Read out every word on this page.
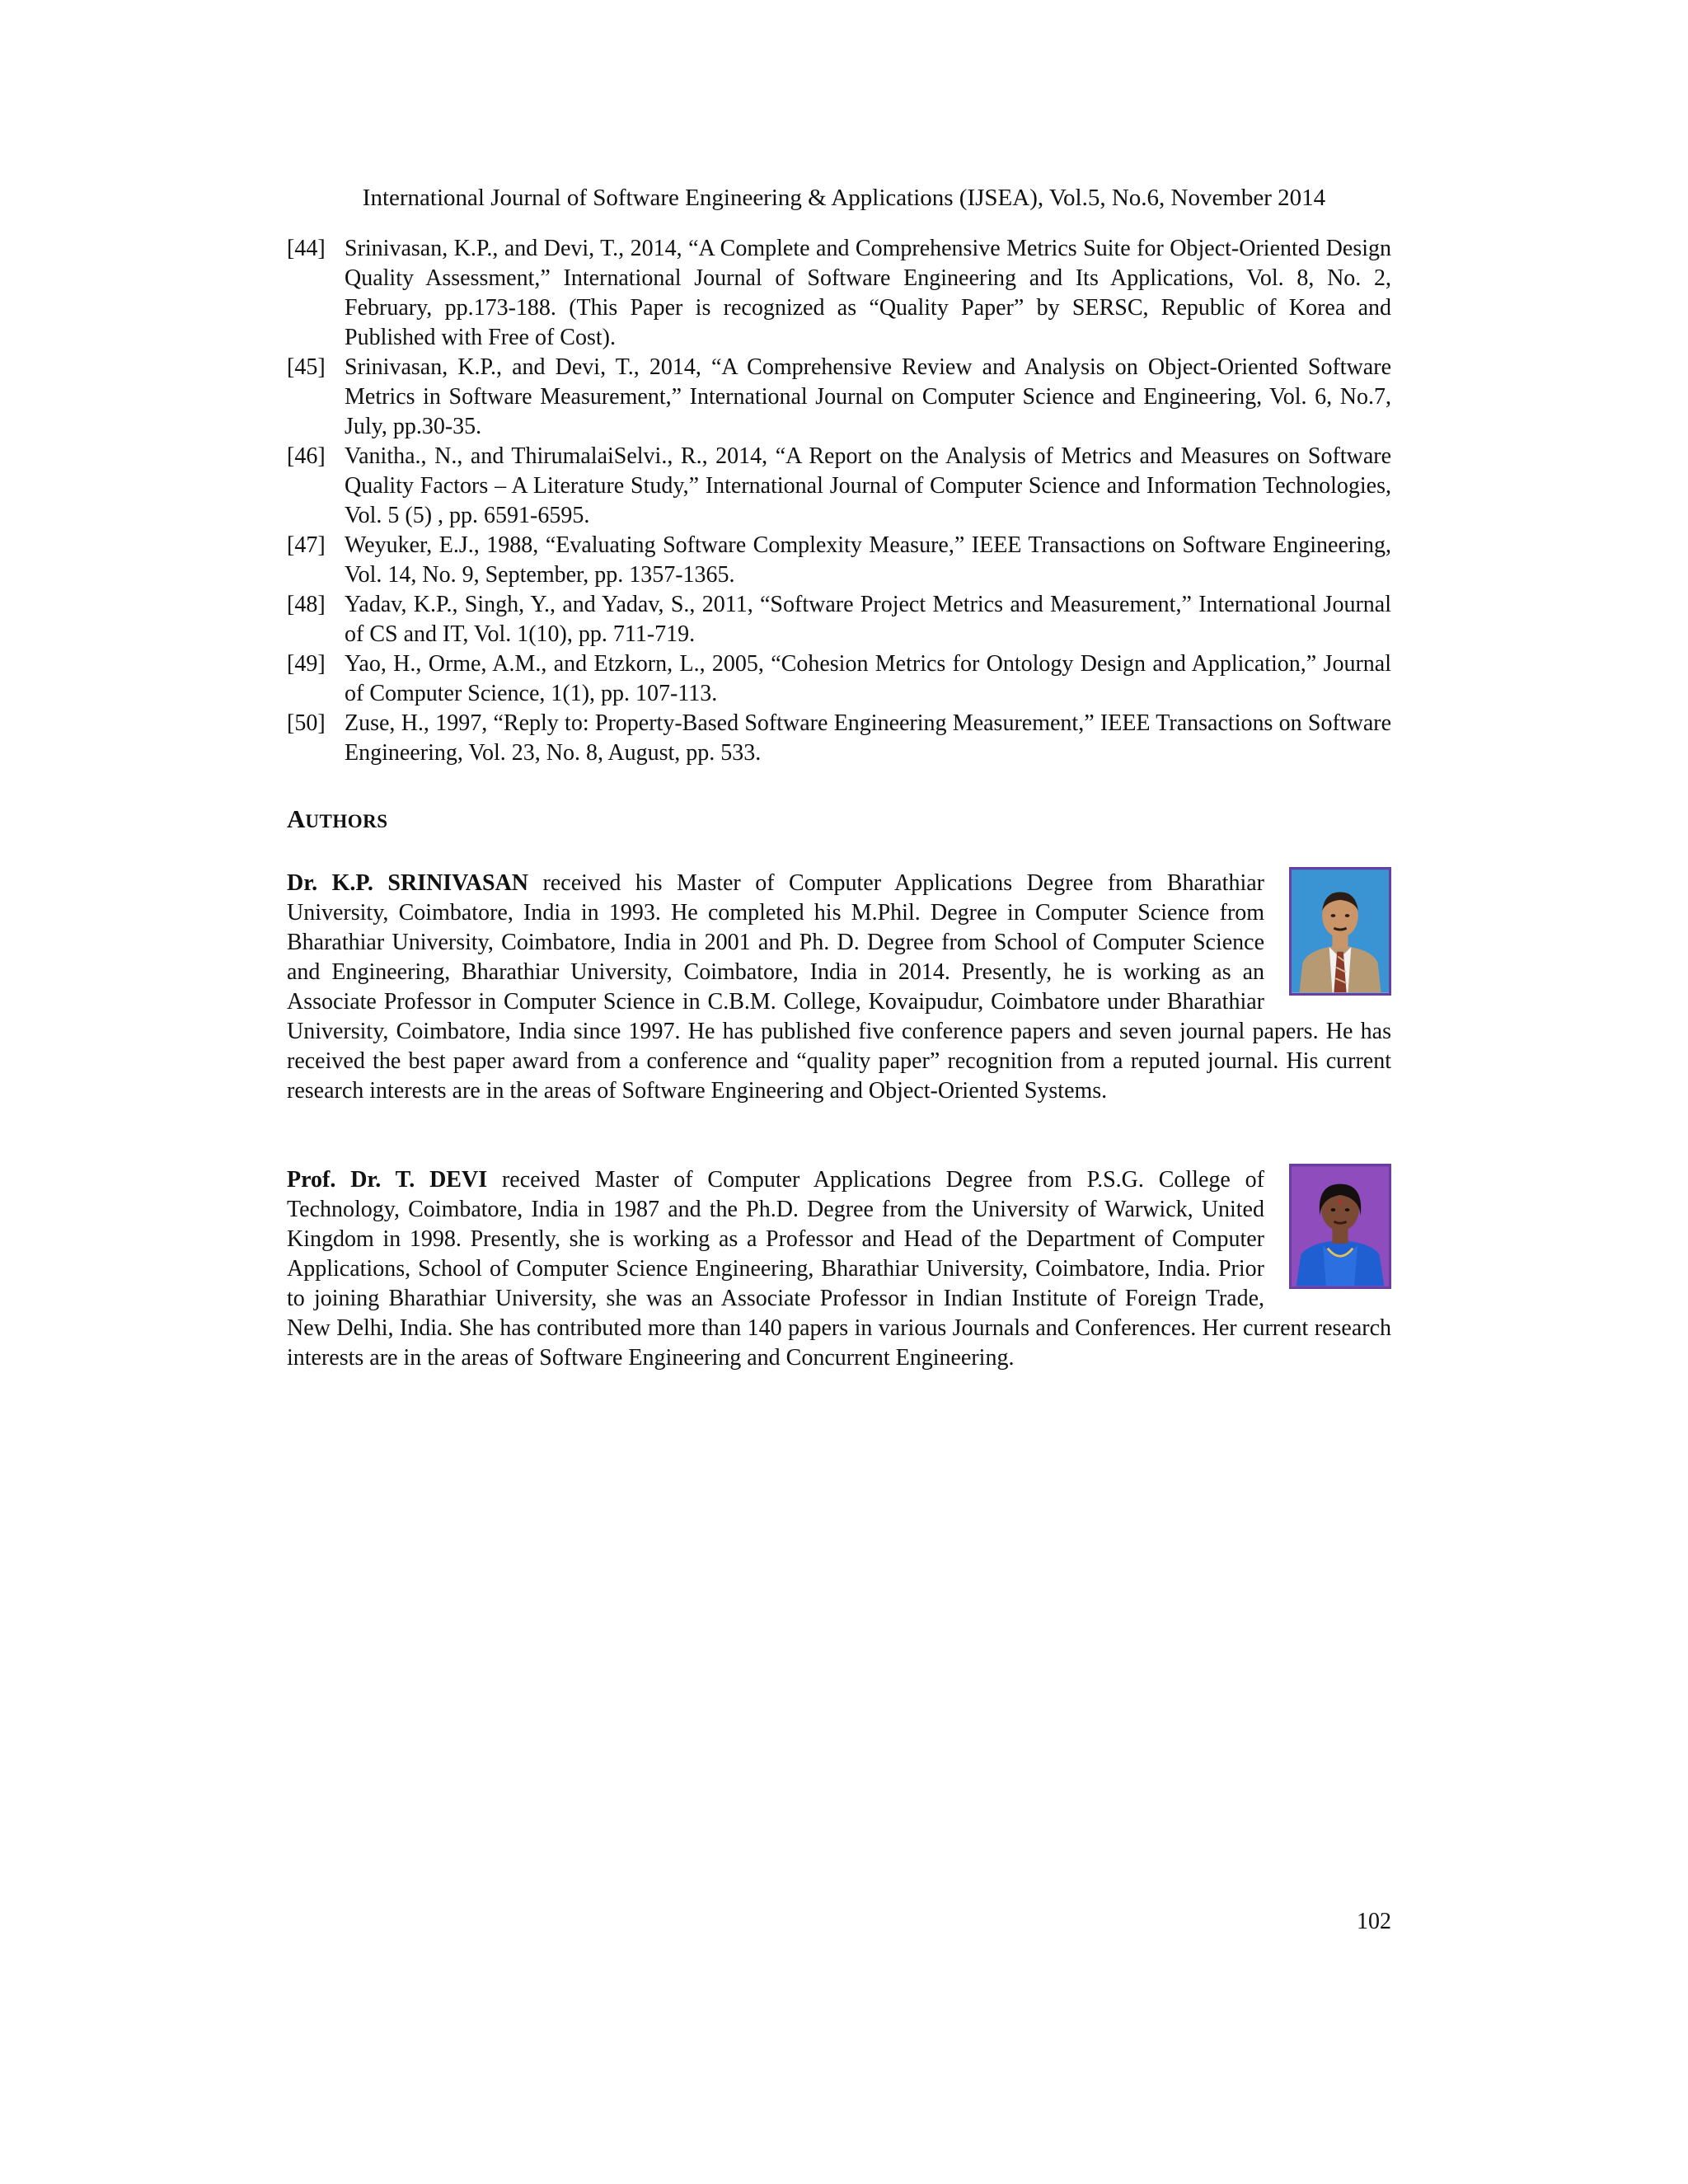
International Journal of Software Engineering & Applications (IJSEA), Vol.5, No.6, November 2014
[44] Srinivasan, K.P., and Devi, T., 2014, “A Complete and Comprehensive Metrics Suite for Object-Oriented Design Quality Assessment,” International Journal of Software Engineering and Its Applications, Vol. 8, No. 2, February, pp.173-188. (This Paper is recognized as “Quality Paper” by SERSC, Republic of Korea and Published with Free of Cost).
[45] Srinivasan, K.P., and Devi, T., 2014, “A Comprehensive Review and Analysis on Object-Oriented Software Metrics in Software Measurement,” International Journal on Computer Science and Engineering, Vol. 6, No.7, July, pp.30-35.
[46] Vanitha., N., and ThirumalaiSelvi., R., 2014, “A Report on the Analysis of Metrics and Measures on Software Quality Factors – A Literature Study,” International Journal of Computer Science and Information Technologies, Vol. 5 (5) , pp. 6591-6595.
[47] Weyuker, E.J., 1988, “Evaluating Software Complexity Measure,” IEEE Transactions on Software Engineering, Vol. 14, No. 9, September, pp. 1357-1365.
[48] Yadav, K.P., Singh, Y., and Yadav, S., 2011, “Software Project Metrics and Measurement,” International Journal of CS and IT, Vol. 1(10), pp. 711-719.
[49] Yao, H., Orme, A.M., and Etzkorn, L., 2005, “Cohesion Metrics for Ontology Design and Application,” Journal of Computer Science, 1(1), pp. 107-113.
[50] Zuse, H., 1997, “Reply to: Property-Based Software Engineering Measurement,” IEEE Transactions on Software Engineering, Vol. 23, No. 8, August, pp. 533.
AUTHORS

Dr. K.P. SRINIVASAN received his Master of Computer Applications Degree from Bharathiar University, Coimbatore, India in 1993. He completed his M.Phil. Degree in Computer Science from Bharathiar University, Coimbatore, India in 2001 and Ph. D. Degree from School of Computer Science and Engineering, Bharathiar University, Coimbatore, India in 2014. Presently, he is working as an Associate Professor in Computer Science in C.B.M. College, Kovaipudur, Coimbatore under Bharathiar University, Coimbatore, India since 1997. He has published five conference papers and seven journal papers. He has received the best paper award from a conference and “quality paper” recognition from a reputed journal. His current research interests are in the areas of Software Engineering and Object-Oriented Systems.

Prof. Dr. T. DEVI received Master of Computer Applications Degree from P.S.G. College of Technology, Coimbatore, India in 1987 and the Ph.D. Degree from the University of Warwick, United Kingdom in 1998. Presently, she is working as a Professor and Head of the Department of Computer Applications, School of Computer Science Engineering, Bharathiar University, Coimbatore, India. Prior to joining Bharathiar University, she was an Associate Professor in Indian Institute of Foreign Trade, New Delhi, India. She has contributed more than 140 papers in various Journals and Conferences. Her current research interests are in the areas of Software Engineering and Concurrent Engineering.

102
